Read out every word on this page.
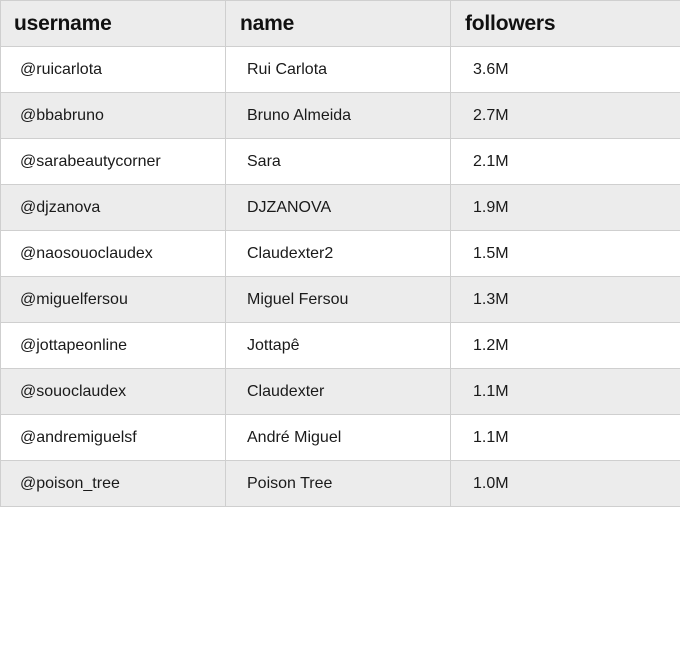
username	name	followers
@ruicarlota	Rui Carlota	3.6M
@bbabruno	Bruno Almeida	2.7M
@sarabeautycorner	Sara	2.1M
@djzanova	DJZANOVA	1.9M
@naosouoclaudex	Claudexter2	1.5M
@miguelfersou	Miguel Fersou	1.3M
@jottapeonline	Jottapê	1.2M
@souoclaudex	Claudexter	1.1M
@andremiguelsf	André Miguel	1.1M
@poison_tree	Poison Tree	1.0M
